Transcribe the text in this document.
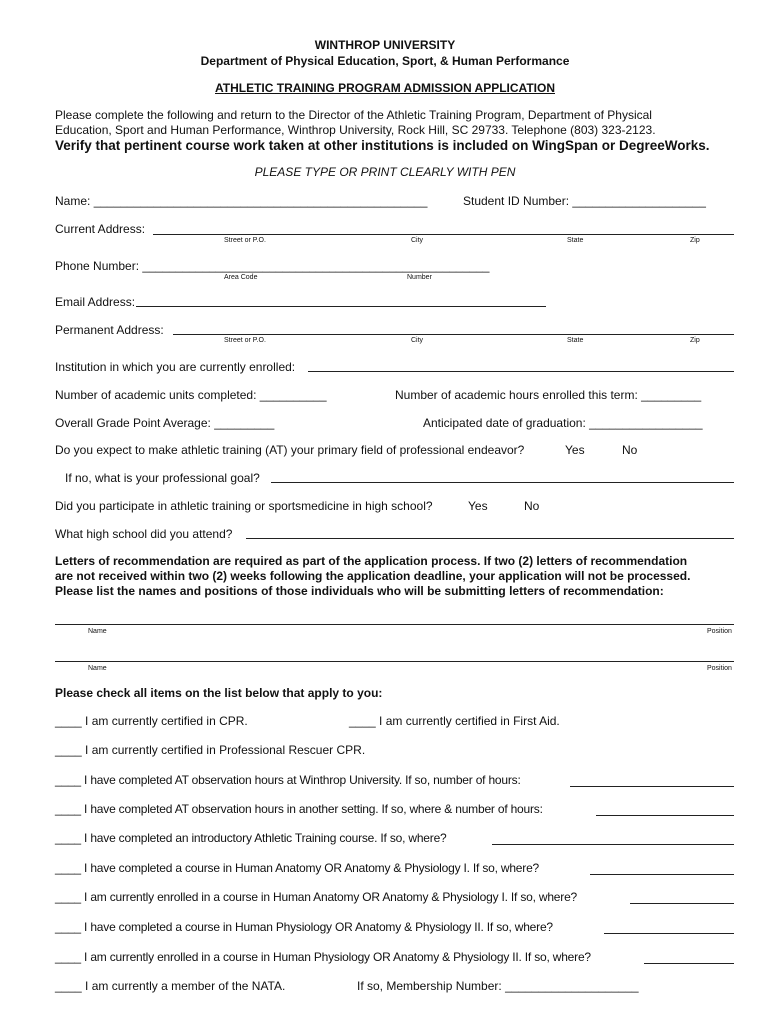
WINTHROP UNIVERSITY
Department of Physical Education, Sport, & Human Performance
ATHLETIC TRAINING PROGRAM ADMISSION APPLICATION
Please complete the following and return to the Director of the Athletic Training Program, Department of Physical
Education, Sport and Human Performance, Winthrop University, Rock Hill, SC 29733. Telephone (803) 323-2123.
Verify that pertinent course work taken at other institutions is included on WingSpan or DegreeWorks.
PLEASE TYPE OR PRINT CLEARLY WITH PEN
Name: __________________________________________________	Student ID Number: ____________________
Current Address:
Street or P.O.	City	State	Zip
Phone Number: ____________________________________________________
Area Code	Number
Email Address:
Permanent Address:
Street or P.O.	City	State	Zip
Institution in which you are currently enrolled:
Number of academic units completed: __________	Number of academic hours enrolled this term: _________
Overall Grade Point Average: _________	Anticipated date of graduation: _________________
Do you expect to make athletic training (AT) your primary field of professional endeavor?	Yes	No
If no, what is your professional goal?
Did you participate in athletic training or sportsmedicine in high school?	Yes	No
What high school did you attend?
Letters of recommendation are required as part of the application process. If two (2) letters of recommendation
are not received within two (2) weeks following the application deadline, your application will not be processed.
Please list the names and positions of those individuals who will be submitting letters of recommendation:
Name	Position
Name	Position
Please check all items on the list below that apply to you:
____ I am currently certified in CPR.	____ I am currently certified in First Aid.
____ I am currently certified in Professional Rescuer CPR.
____ I have completed AT observation hours at Winthrop University. If so, number of hours:
____ I have completed AT observation hours in another setting. If so, where & number of hours:
____ I have completed an introductory Athletic Training course. If so, where?
____ I have completed a course in Human Anatomy OR Anatomy & Physiology I. If so, where?
____ I am currently enrolled in a course in Human Anatomy OR Anatomy & Physiology I. If so, where?
____ I have completed a course in Human Physiology OR Anatomy & Physiology II. If so, where?
____ I am currently enrolled in a course in Human Physiology OR Anatomy & Physiology II. If so, where?
____ I am currently a member of the NATA.	If so, Membership Number: ____________________
